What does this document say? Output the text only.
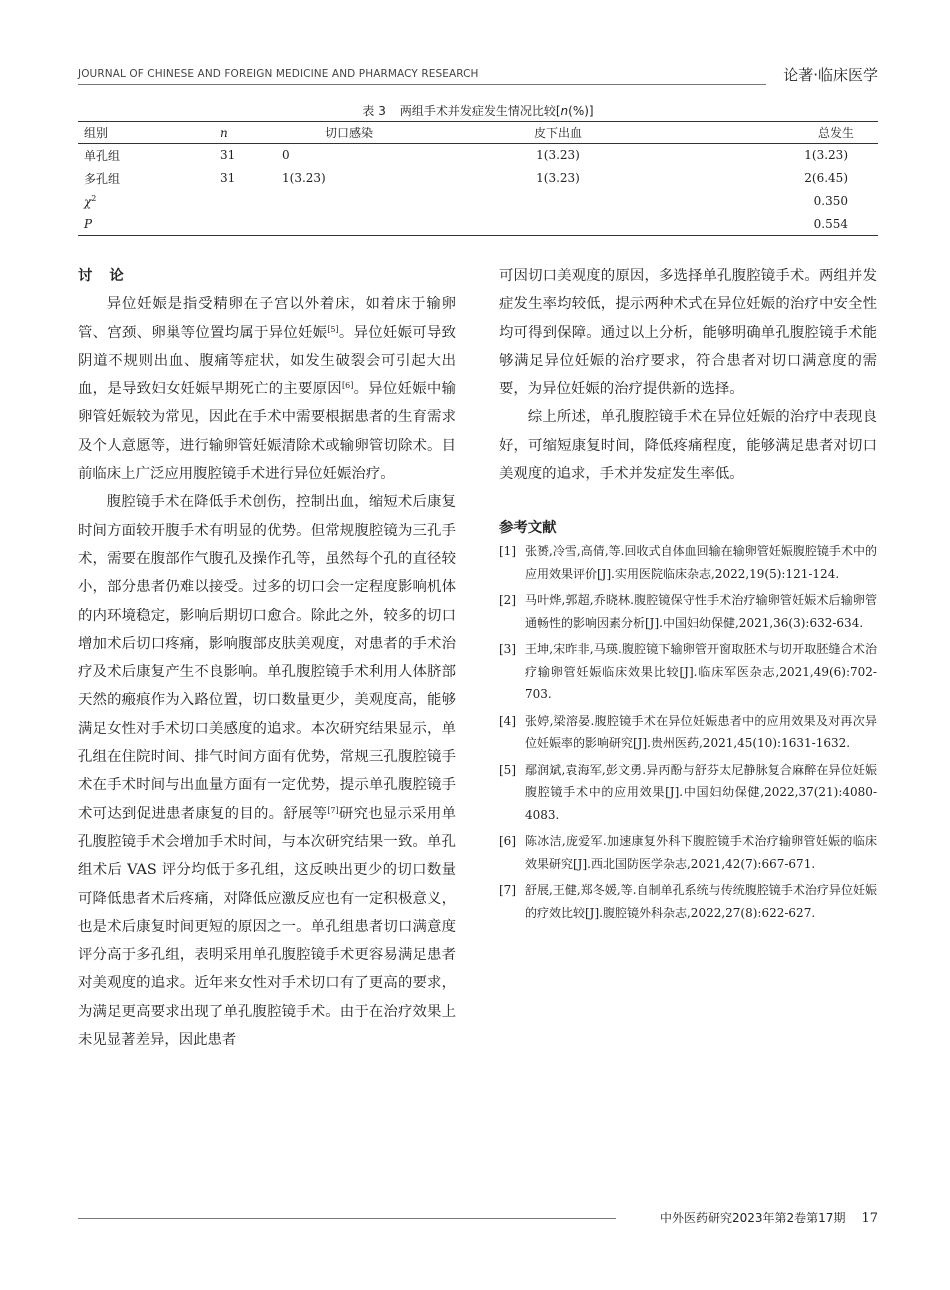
JOURNAL OF CHINESE AND FOREIGN MEDICINE AND PHARMACY RESEARCH	论著·临床医学
表 3 两组手术并发症发生情况比较[n(%)]
组别	n	切口感染	皮下出血	总发生
单孔组	31	0	1(3.23)	1(3.23)
多孔组	31	1(3.23)	1(3.23)	2(6.45)
$\chi^2$				0.350
P				0.554
讨 论

异位妊娠是指受精卵在子宫以外着床，如着床于输卵管、宫颈、卵巢等位置均属于异位妊娠[5]。异位妊娠可导致阴道不规则出血、腹痛等症状，如发生破裂会可引起大出血，是导致妇女妊娠早期死亡的主要原因[6]。异位妊娠中输卵管妊娠较为常见，因此在手术中需要根据患者的生育需求及个人意愿等，进行输卵管妊娠清除术或输卵管切除术。目前临床上广泛应用腹腔镜手术进行异位妊娠治疗。

腹腔镜手术在降低手术创伤，控制出血，缩短术后康复时间方面较开腹手术有明显的优势。但常规腹腔镜为三孔手术，需要在腹部作气腹孔及操作孔等，虽然每个孔的直径较小，部分患者仍难以接受。过多的切口会一定程度影响机体的内环境稳定，影响后期切口愈合。除此之外，较多的切口增加术后切口疼痛，影响腹部皮肤美观度，对患者的手术治疗及术后康复产生不良影响。单孔腹腔镜手术利用人体脐部天然的瘢痕作为入路位置，切口数量更少，美观度高，能够满足女性对手术切口美感度的追求。本次研究结果显示，单孔组在住院时间、排气时间方面有优势，常规三孔腹腔镜手术在手术时间与出血量方面有一定优势，提示单孔腹腔镜手术可达到促进患者康复的目的。舒展等[7]研究也显示采用单孔腹腔镜手术会增加手术时间，与本次研究结果一致。单孔组术后 VAS 评分均低于多孔组，这反映出更少的切口数量可降低患者术后疼痛，对降低应激反应也有一定积极意义，也是术后康复时间更短的原因之一。单孔组患者切口满意度评分高于多孔组，表明采用单孔腹腔镜手术更容易满足患者对美观度的追求。近年来女性对手术切口有了更高的要求，为满足更高要求出现了单孔腹腔镜手术。由于在治疗效果上未见显著差异，因此患者

可因切口美观度的原因，多选择单孔腹腔镜手术。两组并发症发生率均较低，提示两种术式在异位妊娠的治疗中安全性均可得到保障。通过以上分析，能够明确单孔腹腔镜手术能够满足异位妊娠的治疗要求，符合患者对切口满意度的需要，为异位妊娠的治疗提供新的选择。

综上所述，单孔腹腔镜手术在异位妊娠的治疗中表现良好，可缩短康复时间，降低疼痛程度，能够满足患者对切口美观度的追求，手术并发症发生率低。

参考文献
[1] 张赟,冷雪,高倩,等.回收式自体血回输在输卵管妊娠腹腔镜手术中的应用效果评价[J].实用医院临床杂志,2022,19(5):121-124.
[2] 马叶烨,郭超,乔晓林.腹腔镜保守性手术治疗输卵管妊娠术后输卵管通畅性的影响因素分析[J].中国妇幼保健,2021,36(3):632-634.
[3] 王坤,宋昨非,马瑛.腹腔镜下输卵管开窗取胚术与切开取胚缝合术治疗输卵管妊娠临床效果比较[J].临床军医杂志,2021,49(6):702-703.
[4] 张婷,梁溶晏.腹腔镜手术在异位妊娠患者中的应用效果及对再次异位妊娠率的影响研究[J].贵州医药,2021,45(10):1631-1632.
[5] 鄢润斌,袁海军,彭文勇.异丙酚与舒芬太尼静脉复合麻醉在异位妊娠腹腔镜手术中的应用效果[J].中国妇幼保健,2022,37(21):4080-4083.
[6] 陈冰洁,庞爱军.加速康复外科下腹腔镜手术治疗输卵管妊娠的临床效果研究[J].西北国防医学杂志,2021,42(7):667-671.
[7] 舒展,王健,郑冬媛,等.自制单孔系统与传统腹腔镜手术治疗异位妊娠的疗效比较[J].腹腔镜外科杂志,2022,27(8):622-627.
中外医药研究2023年第2卷第17期 17
